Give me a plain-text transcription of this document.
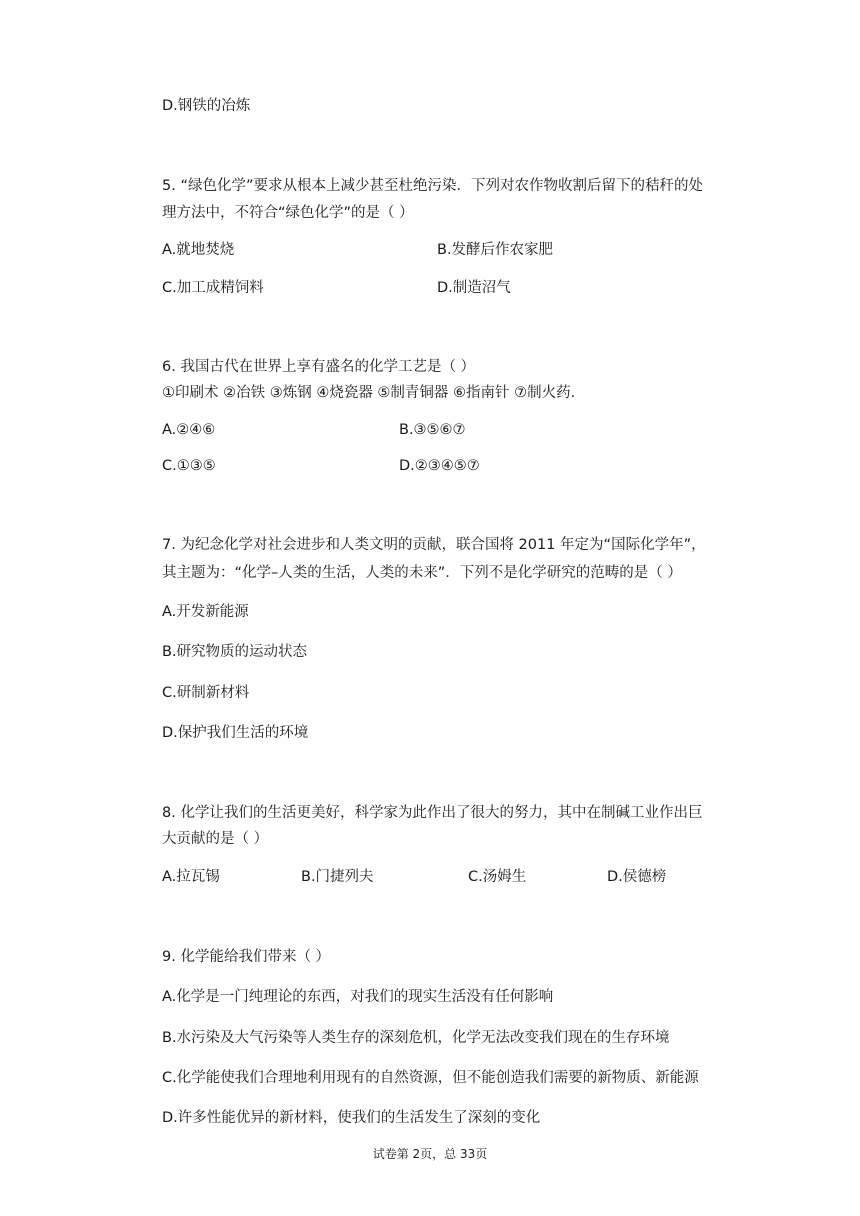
D.钢铁的冶炼
5. “绿色化学”要求从根本上减少甚至杜绝污染．下列对农作物收割后留下的秸秆的处
理方法中，不符合“绿色化学”的是（ ）
A.就地焚烧	B.发酵后作农家肥
C.加工成精饲料	D.制造沼气
6. 我国古代在世界上享有盛名的化学工艺是（ ）
①印刷术 ②冶铁 ③炼钢 ④烧瓷器 ⑤制青铜器 ⑥指南针 ⑦制火药.
A.②④⑥	B.③⑤⑥⑦
C.①③⑤	D.②③④⑤⑦
7. 为纪念化学对社会进步和人类文明的贡献，联合国将 2011 年定为“国际化学年”，
其主题为：“化学–人类的生活，人类的未来”．下列不是化学研究的范畴的是（ ）
A.开发新能源
B.研究物质的运动状态
C.研制新材料
D.保护我们生活的环境
8. 化学让我们的生活更美好，科学家为此作出了很大的努力，其中在制碱工业作出巨
大贡献的是（ ）
A.拉瓦锡	B.门捷列夫	C.汤姆生	D.侯德榜
9. 化学能给我们带来（ ）
A.化学是一门纯理论的东西，对我们的现实生活没有任何影响
B.水污染及大气污染等人类生存的深刻危机，化学无法改变我们现在的生存环境
C.化学能使我们合理地利用现有的自然资源，但不能创造我们需要的新物质、新能源
D.许多性能优异的新材料，使我们的生活发生了深刻的变化
试卷第 2页，总 33页
